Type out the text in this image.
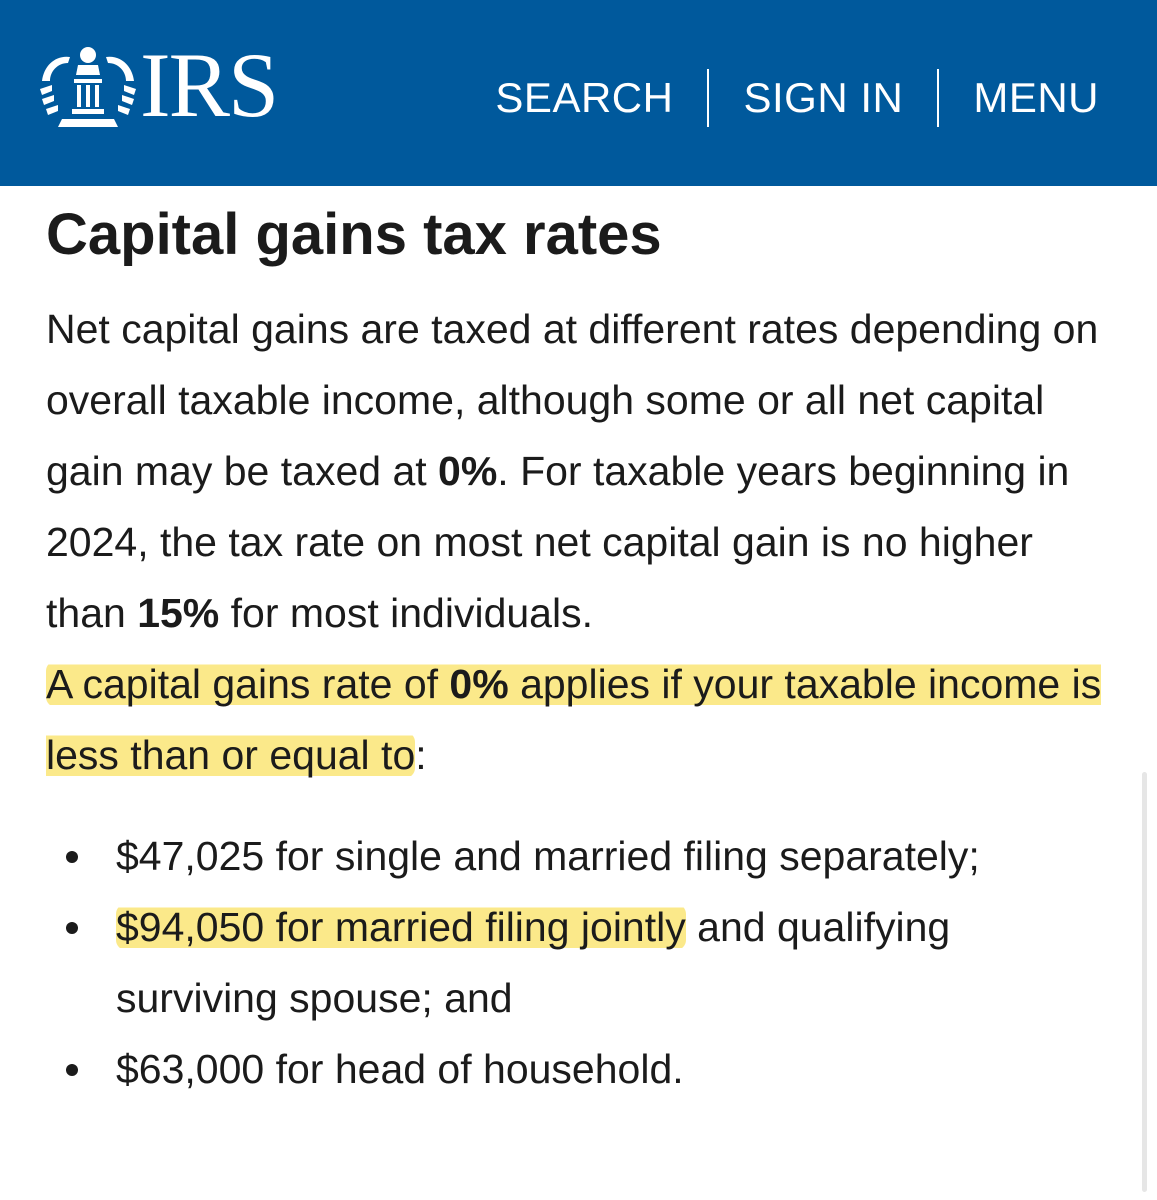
IRS	SEARCH SIGN IN MENU
Capital gains tax rates

Net capital gains are taxed at different rates depending on overall taxable income, although some or all net capital gain may be taxed at 0%. For taxable years beginning in 2024, the tax rate on most net capital gain is no higher than 15% for most individuals.

A capital gains rate of 0% applies if your taxable income is less than or equal to:

$47,025 for single and married filing separately;
$94,050 for married filing jointly and qualifying surviving spouse; and
$63,000 for head of household.
